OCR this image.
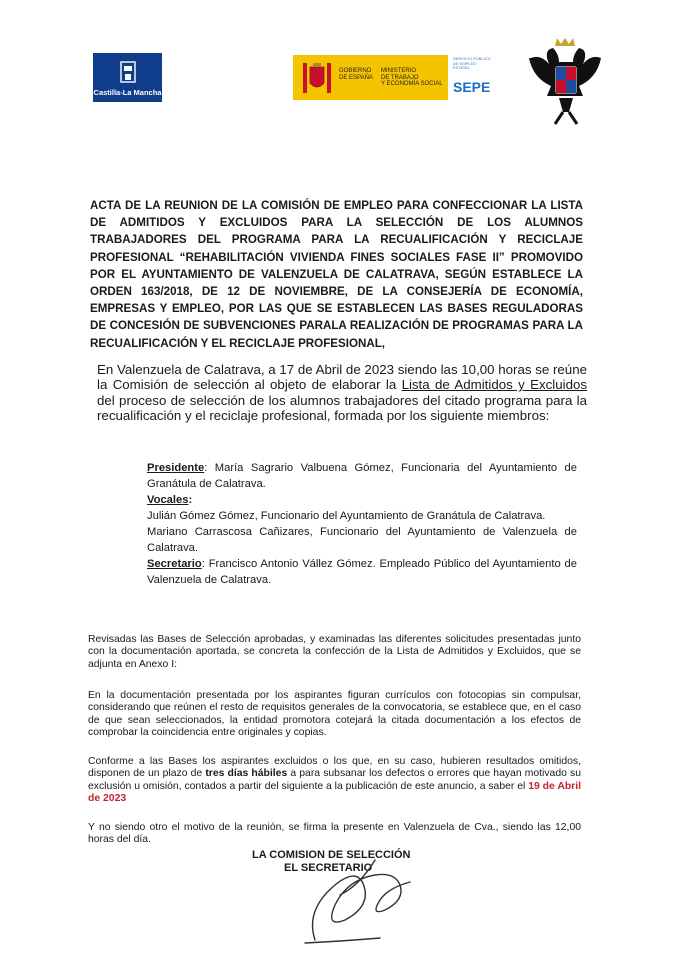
Castilla-La Mancha
GOBIERNO DE ESPAÑA
MINISTERIO
DE TRABAJO
Y ECONOMÍA SOCIAL
SERVICIO PÚBLICO DE EMPLEO ESTATAL
SEPE
ACTA DE LA REUNION DE LA COMISIÓN DE EMPLEO PARA CONFECCIONAR LA LISTA DE ADMITIDOS Y EXCLUIDOS PARA LA SELECCIÓN DE LOS ALUMNOS TRABAJADORES DEL PROGRAMA PARA LA RECUALIFICACIÓN Y RECICLAJE PROFESIONAL “REHABILITACIÓN VIVIENDA FINES SOCIALES FASE II” PROMOVIDO POR EL AYUNTAMIENTO DE VALENZUELA DE CALATRAVA, SEGÚN ESTABLECE LA ORDEN 163/2018, DE 12 DE NOVIEMBRE, DE LA CONSEJERÍA DE ECONOMÍA, EMPRESAS Y EMPLEO, POR LAS QUE SE ESTABLECEN LAS BASES REGULADORAS DE CONCESIÓN DE SUBVENCIONES PARALA REALIZACIÓN DE PROGRAMAS PARA LA RECUALIFICACIÓN Y EL RECICLAJE PROFESIONAL,
En Valenzuela de Calatrava, a 17 de Abril de 2023 siendo las 10,00 horas se reúne la Comisión de selección al objeto de elaborar la Lista de Admitidos y Excluidos del proceso de selección de los alumnos trabajadores del citado programa para la recualificación y el reciclaje profesional, formada por los siguiente miembros:

Presidente: María Sagrario Valbuena Gómez, Funcionaria del Ayuntamiento de Granátula de Calatrava.

Vocales:

Julián Gómez Gómez, Funcionario del Ayuntamiento de Granátula de Calatrava.

Mariano Carrascosa Cañizares, Funcionario del Ayuntamiento de Valenzuela de Calatrava.

Secretario: Francisco Antonio Vállez Gómez. Empleado Público del Ayuntamiento de Valenzuela de Calatrava.

Revisadas las Bases de Selección aprobadas, y examinadas las diferentes solicitudes presentadas junto con la documentación aportada, se concreta la confección de la Lista de Admitidos y Excluidos, que se adjunta en Anexo I:

En la documentación presentada por los aspirantes figuran currículos con fotocopias sin compulsar, considerando que reúnen el resto de requisitos generales de la convocatoria, se establece que, en el caso de que sean seleccionados, la entidad promotora cotejará la citada documentación a los efectos de comprobar la coincidencia entre originales y copias.

Conforme a las Bases los aspirantes excluidos o los que, en su caso, hubieren resultados omitidos, disponen de un plazo de tres días hábiles a para subsanar los defectos o errores que hayan motivado su exclusión u omisión, contados a partir del siguiente a la publicación de este anuncio, a saber el 19 de Abril de 2023

Y no siendo otro el motivo de la reunión, se firma la presente en Valenzuela de Cva., siendo las 12,00 horas del día.

LA COMISION DE SELECCIÓN
EL SECRETARIO
